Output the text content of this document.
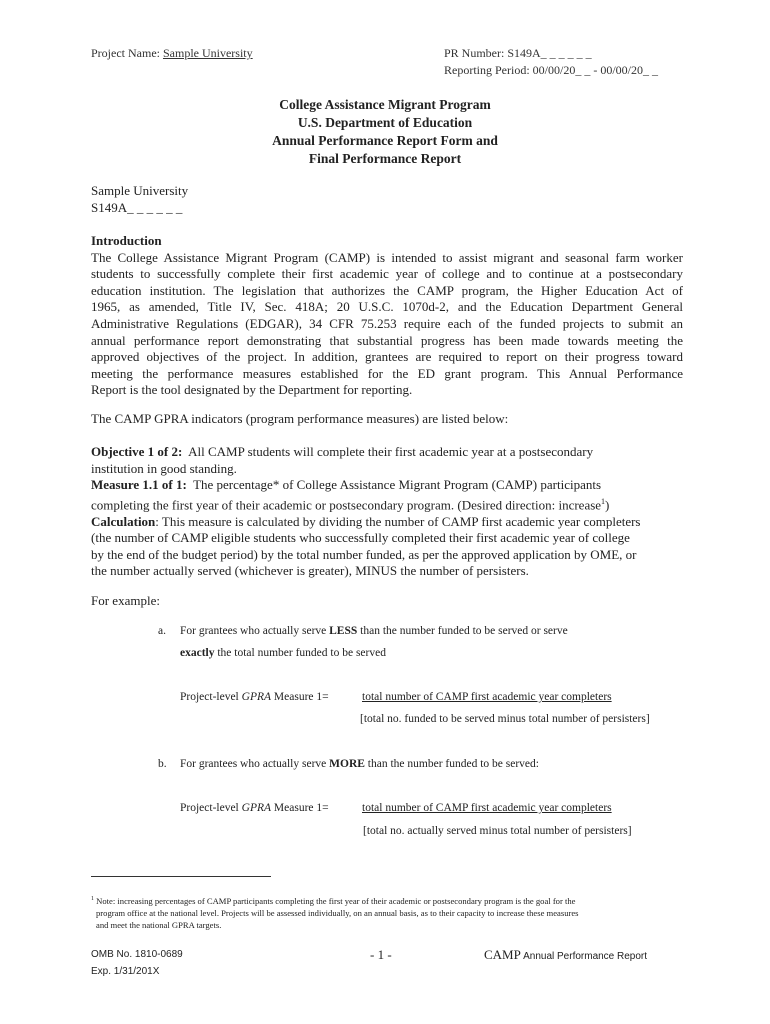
Project Name: Sample University	PR Number: S149A_ _ _ _ _ _
Reporting Period: 00/00/20_ _ - 00/00/20_ _
College Assistance Migrant Program
U.S. Department of Education
Annual Performance Report Form and
Final Performance Report
Sample University
S149A_ _ _ _ _ _
Introduction
The College Assistance Migrant Program (CAMP) is intended to assist migrant and seasonal farm worker
students to successfully complete their first academic year of college and to continue at a postsecondary
education institution. The legislation that authorizes the CAMP program, the Higher Education Act of
1965, as amended, Title IV, Sec. 418A; 20 U.S.C. 1070d-2, and the Education Department General
Administrative Regulations (EDGAR), 34 CFR 75.253 require each of the funded projects to submit an
annual performance report demonstrating that substantial progress has been made towards meeting the
approved objectives of the project. In addition, grantees are required to report on their progress toward
meeting the performance measures established for the ED grant program. This Annual Performance
Report is the tool designated by the Department for reporting.
The CAMP GPRA indicators (program performance measures) are listed below:
Objective 1 of 2: All CAMP students will complete their first academic year at a postsecondary
institution in good standing.
Measure 1.1 of 1: The percentage* of College Assistance Migrant Program (CAMP) participants
completing the first year of their academic or postsecondary program. (Desired direction: increase$^1$)
Calculation: This measure is calculated by dividing the number of CAMP first academic year completers
(the number of CAMP eligible students who successfully completed their first academic year of college
by the end of the budget period) by the total number funded, as per the approved application by OME, or
the number actually served (whichever is greater), MINUS the number of persisters.
For example:
a. For grantees who actually serve LESS than the number funded to be served or serve
exactly the total number funded to be served
Project-level GPRA Measure 1=	total number of CAMP first academic year completers
[total no. funded to be served minus total number of persisters]
b. For grantees who actually serve MORE than the number funded to be served:
Project-level GPRA Measure 1=	total number of CAMP first academic year completers
[total no. actually served minus total number of persisters]
$^1$ Note: increasing percentages of CAMP participants completing the first year of their academic or postsecondary program is the goal for the
program office at the national level. Projects will be assessed individually, on an annual basis, as to their capacity to increase these measures
and meet the national GPRA targets.
OMB No. 1810-0689
Exp. 1/31/201X
- 1 -	CAMP Annual Performance Report
